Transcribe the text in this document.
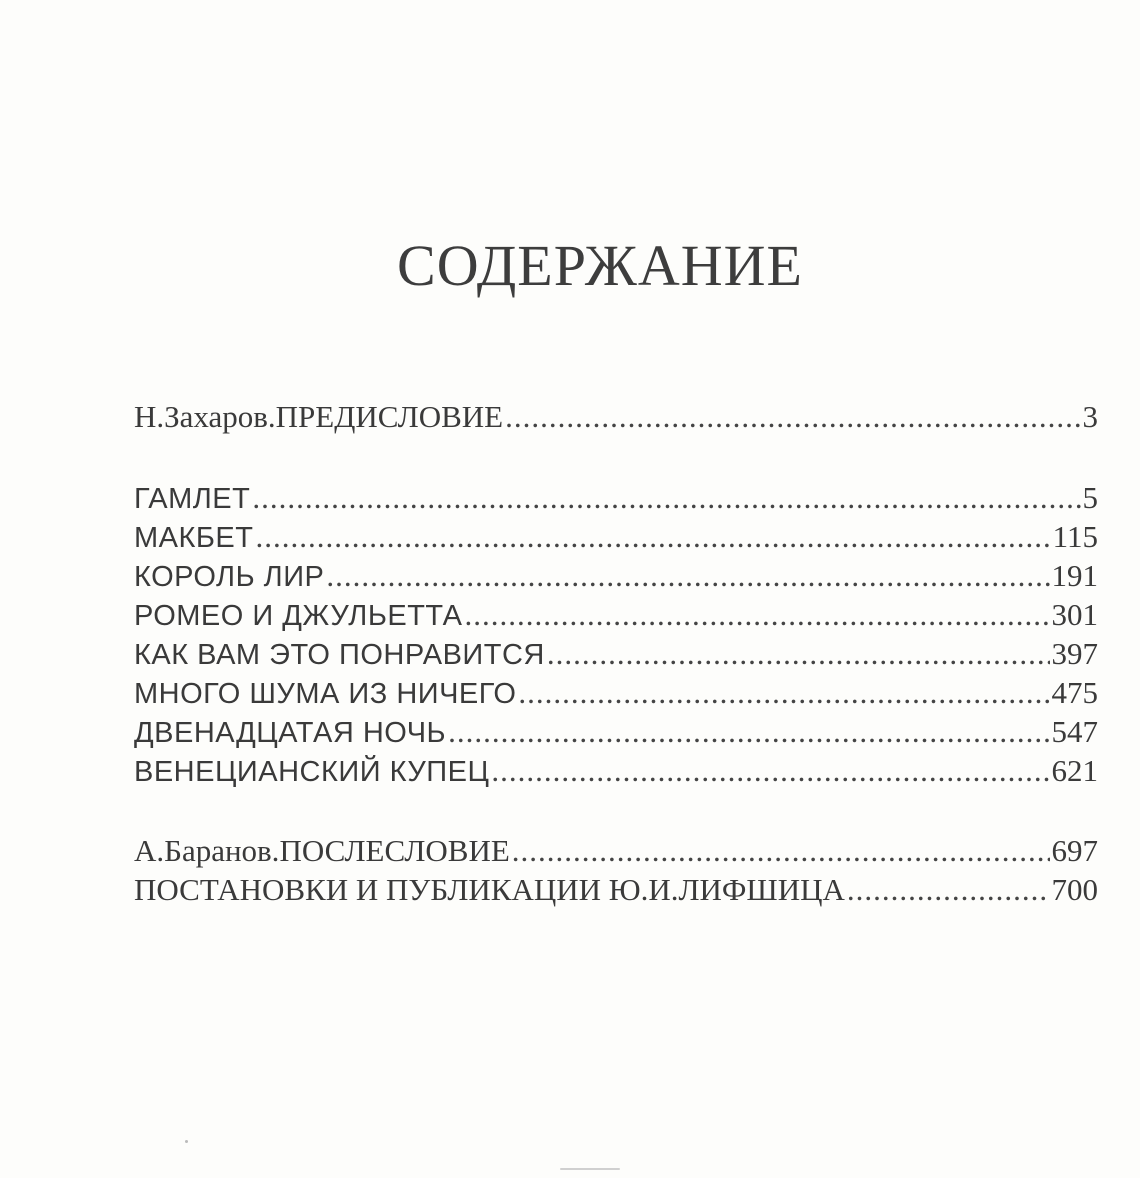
СОДЕРЖАНИЕ
Н.Захаров. ПРЕДИСЛОВИЕ .....	3
ГАМЛЕТ .....	5
МАКБЕТ .....	115
КОРОЛЬ ЛИР .....	191
РОМЕО И ДЖУЛЬЕТТА .....	301
КАК ВАМ ЭТО ПОНРАВИТСЯ .....	397
МНОГО ШУМА ИЗ НИЧЕГО .....	475
ДВЕНАДЦАТАЯ НОЧЬ .....	547
ВЕНЕЦИАНСКИЙ КУПЕЦ .....	621
А.Баранов. ПОСЛЕСЛОВИЕ .....	697
ПОСТАНОВКИ И ПУБЛИКАЦИИ Ю.И.ЛИФШИЦА .....	700
